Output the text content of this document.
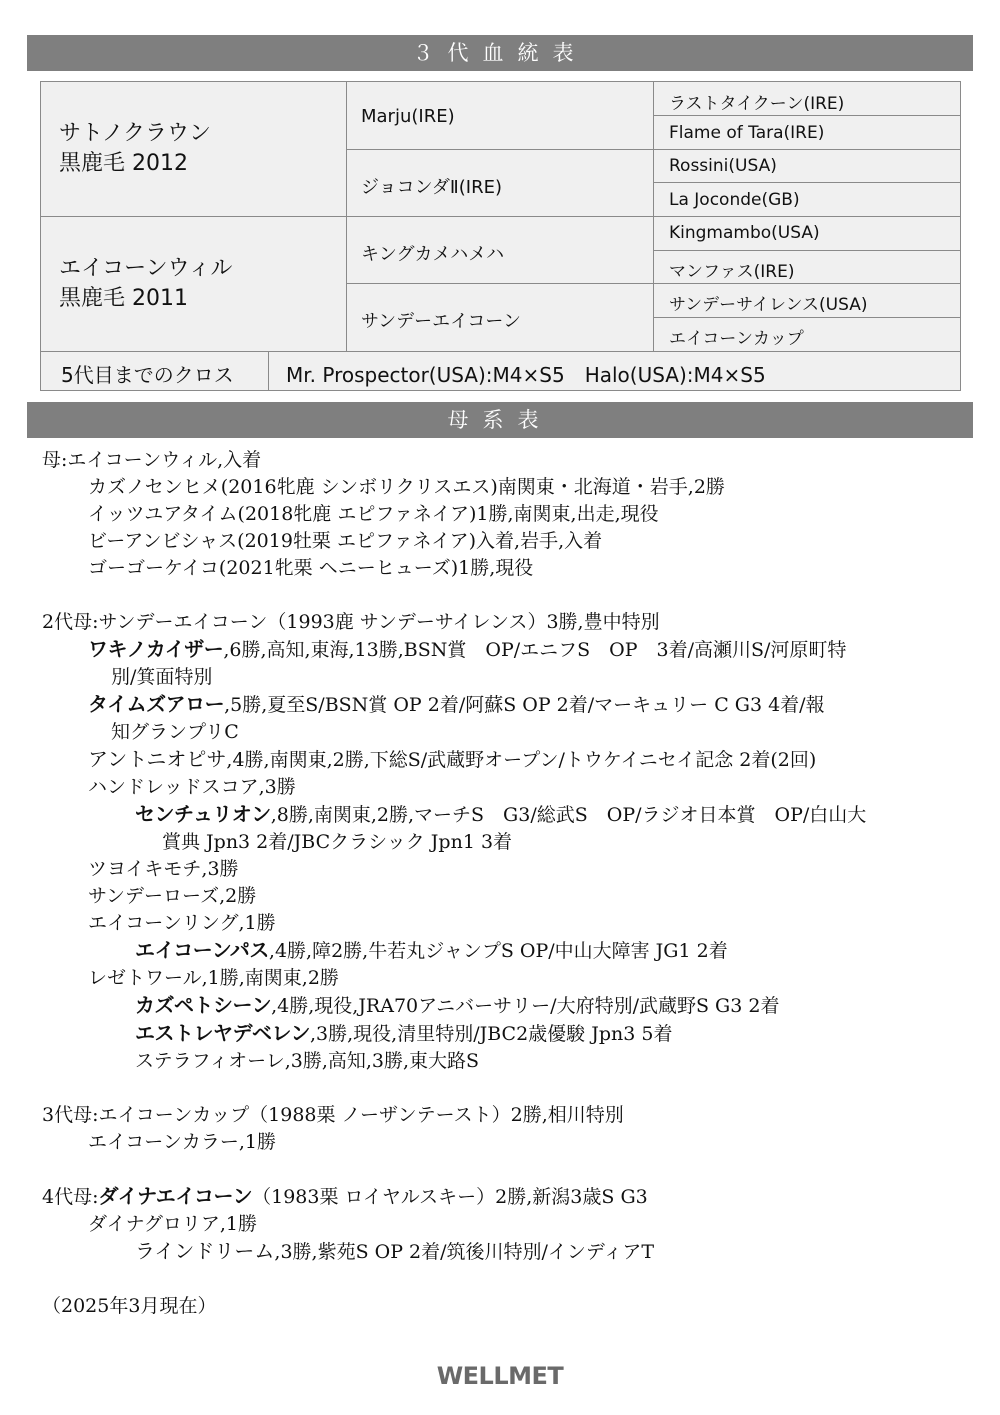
３代血統表
サトノクラウン
黒鹿毛 2012
エイコーンウィル
黒鹿毛 2011
Marju(IRE)
ジョコンダⅡ(IRE)
キングカメハメハ
サンデーエイコーン
ラストタイクーン(IRE)
Flame of Tara(IRE)
Rossini(USA)
La Joconde(GB)
Kingmambo(USA)
マンファス(IRE)
サンデーサイレンス(USA)
エイコーンカップ
5代目までのクロス	Mr. Prospector(USA):M4×S5　Halo(USA):M4×S5
母系表
母:エイコーンウィル,入着
カズノセンヒメ(2016牝鹿 シンボリクリスエス)南関東・北海道・岩手,2勝
イッツユアタイム(2018牝鹿 エピファネイア)1勝,南関東,出走,現役
ビーアンビシャス(2019牡栗 エピファネイア)入着,岩手,入着
ゴーゴーケイコ(2021牝栗 ヘニーヒューズ)1勝,現役
2代母:サンデーエイコーン（1993鹿 サンデーサイレンス）3勝,豊中特別
ワキノカイザー,6勝,高知,東海,13勝,BSN賞　OP/エニフS　OP　3着/高瀬川S/河原町特
別/箕面特別
タイムズアロー,5勝,夏至S/BSN賞 OP 2着/阿蘇S OP 2着/マーキュリー C G3 4着/報
知グランプリC
アントニオピサ,4勝,南関東,2勝,下総S/武蔵野オープン/トウケイニセイ記念 2着(2回)
ハンドレッドスコア,3勝
センチュリオン,8勝,南関東,2勝,マーチS　G3/総武S　OP/ラジオ日本賞　OP/白山大
賞典 Jpn3 2着/JBCクラシック Jpn1 3着
ツヨイキモチ,3勝
サンデーローズ,2勝
エイコーンリング,1勝
エイコーンパス,4勝,障2勝,牛若丸ジャンプS OP/中山大障害 JG1 2着
レゼトワール,1勝,南関東,2勝
カズペトシーン,4勝,現役,JRA70アニバーサリー/大府特別/武蔵野S G3 2着
エストレヤデベレン,3勝,現役,清里特別/JBC2歳優駿 Jpn3 5着
ステラフィオーレ,3勝,高知,3勝,東大路S
3代母:エイコーンカップ（1988栗 ノーザンテースト）2勝,相川特別
エイコーンカラー,1勝
4代母:ダイナエイコーン（1983栗 ロイヤルスキー）2勝,新潟3歳S G3
ダイナグロリア,1勝
ラインドリーム,3勝,紫苑S OP 2着/筑後川特別/インディアT
（2025年3月現在）
WELLMET
